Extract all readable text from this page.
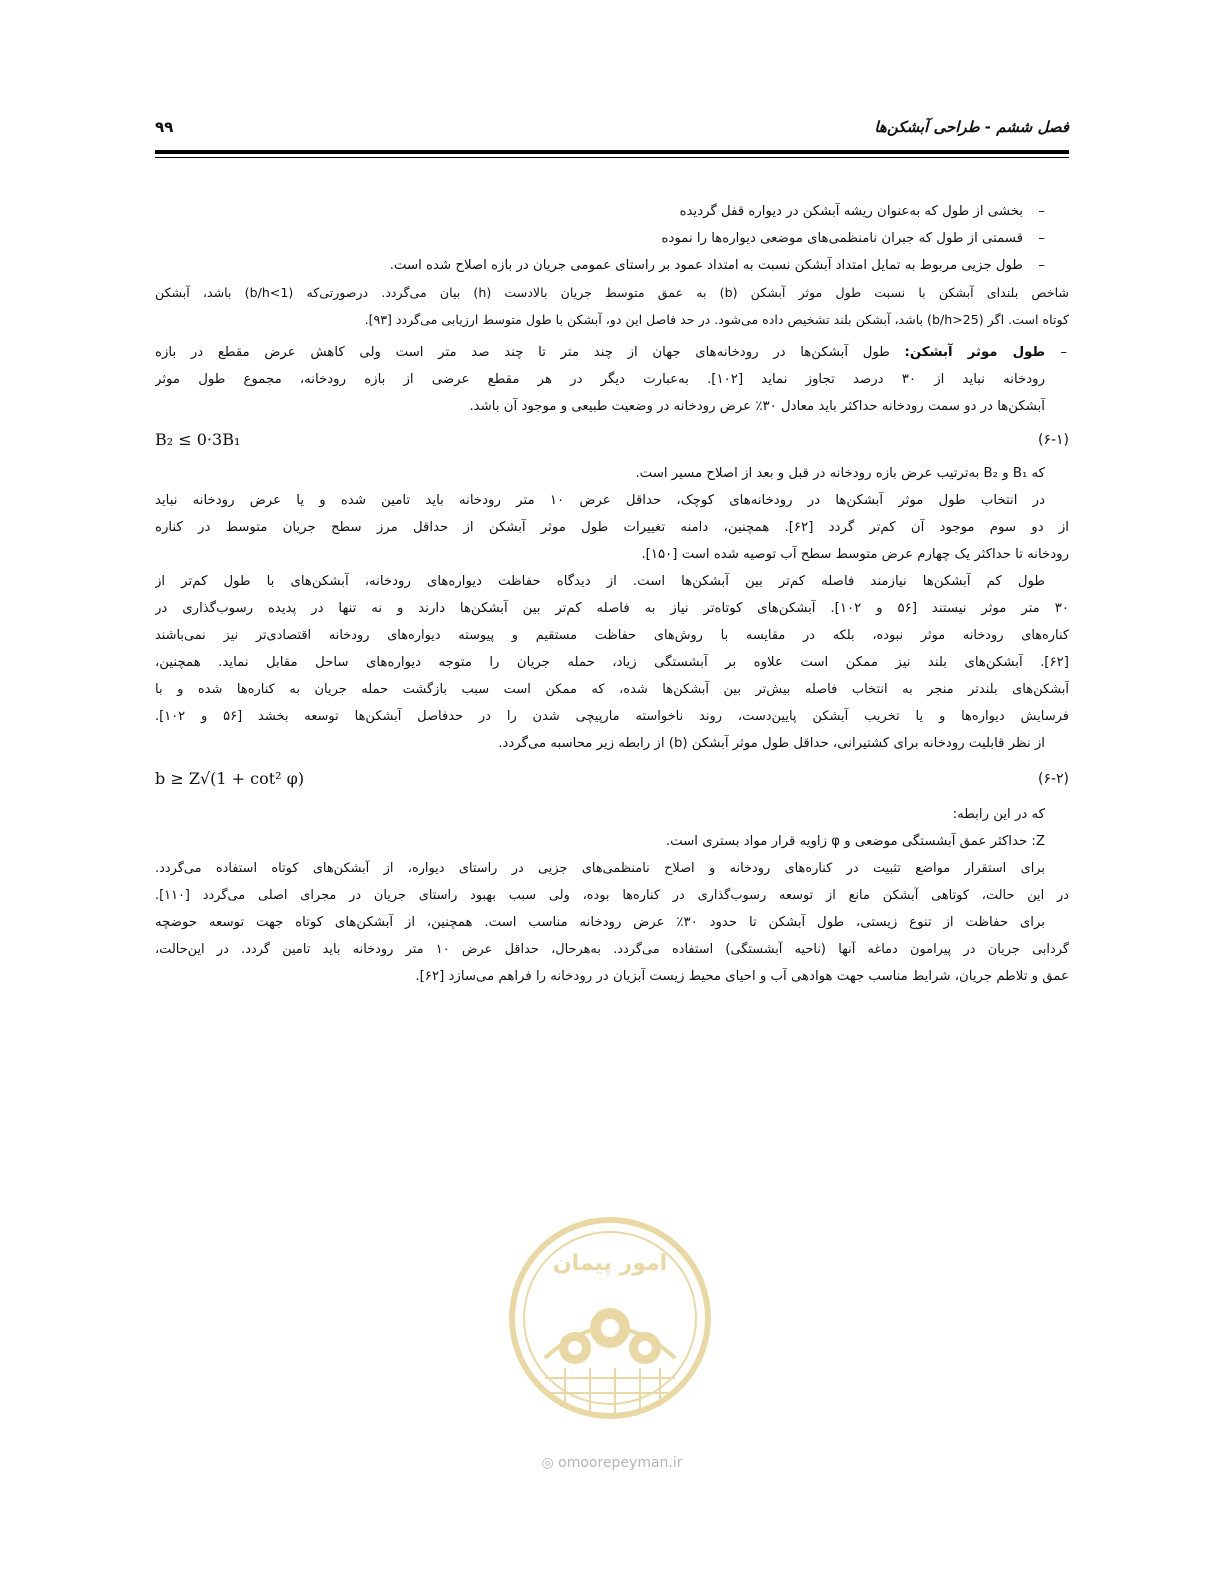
فصل ششم - طراحی آبشکن‌ها
۹۹
–
بخشی از طول که به‌عنوان ریشه آبشکن در دیواره قفل گردیده
–
قسمتی از طول که جبران نامنظمی‌های موضعی دیواره‌ها را نموده
–
طول جزیی مربوط به تمایل امتداد آبشکن نسبت به امتداد عمود بر راستای عمومی جریان در بازه اصلاح شده است.
شاخص بلندای آبشکن با نسبت طول موثر آبشکن (b) به عمق متوسط جریان بالادست (h) بیان می‌گردد. درصورتی‌که (b/h<1) باشد، آبشکن
کوتاه است. اگر (b/h>25) باشد، آبشکن بلند تشخیص داده می‌شود. در حد فاصل این دو، آبشکن با طول متوسط ارزیابی می‌گردد [۹۳].
–
طول موثر آبشکن: طول آبشکن‌ها در رودخانه‌های جهان از چند متر تا چند صد متر است ولی کاهش عرض مقطع در بازه
رودخانه نباید از ۳۰ درصد تجاوز نماید [۱۰۲]. به‌عبارت دیگر در هر مقطع عرضی از بازه رودخانه، مجموع طول موثر
آبشکن‌ها در دو سمت رودخانه حداکثر باید معادل ۳۰٪ عرض رودخانه در وضعیت طبیعی و موجود آن باشد.
B₂ ≤ 0·3B₁	(۶-۱)
که B₁ و B₂ به‌ترتیب عرض بازه رودخانه در قبل و بعد از اصلاح مسیر است.
در انتخاب طول موثر آبشکن‌ها در رودخانه‌های کوچک، حداقل عرض ۱۰ متر رودخانه باید تامین شده و یا عرض رودخانه نباید
از دو سوم موجود آن کم‌تر گردد [۶۲]. همچنین، دامنه تغییرات طول موثر آبشکن از حداقل مرز سطح جریان متوسط در کناره
رودخانه تا حداکثر یک چهارم عرض متوسط سطح آب توصیه شده است [۱۵۰].
طول کم آبشکن‌ها نیازمند فاصله کم‌تر بین آبشکن‌ها است. از دیدگاه حفاظت دیواره‌های رودخانه، آبشکن‌های با طول کم‌تر از
۳۰ متر موثر نیستند [۵۶ و ۱۰۲]. آبشکن‌های کوتاه‌تر نیاز به فاصله کم‌تر بین آبشکن‌ها دارند و نه تنها در پدیده رسوب‌گذاری در
کناره‌های رودخانه موثر نبوده، بلکه در مقایسه با روش‌های حفاظت مستقیم و پیوسته دیواره‌های رودخانه اقتصادی‌تر نیز نمی‌باشند
[۶۲]. آبشکن‌های بلند نیز ممکن است علاوه بر آبشستگی زیاد، حمله جریان را متوجه دیواره‌های ساحل مقابل نماید. همچنین،
آبشکن‌های بلندتر منجر به انتخاب فاصله بیش‌تر بین آبشکن‌ها شده، که ممکن است سبب بازگشت حمله جریان به کناره‌ها شده و با
فرسایش دیواره‌ها و یا تخریب آبشکن پایین‌دست، روند ناخواسته مارپیچی شدن را در حدفاصل آبشکن‌ها توسعه بخشد [۵۶ و ۱۰۲].
از نظر قابلیت رودخانه برای کشتیرانی، حداقل طول موثر آبشکن (b) از رابطه زیر محاسبه می‌گردد.
b ≥ Z√(1 + cot² φ)	(۶-۲)
که در این رابطه:
Z: حداکثر عمق آبشستگی موضعی و φ زاویه قرار مواد بستری است.
برای استقرار مواضع تثبیت در کناره‌های رودخانه و اصلاح نامنظمی‌های جزیی در راستای دیواره، از آبشکن‌های کوتاه استفاده می‌گردد.
در این حالت، کوتاهی آبشکن مانع از توسعه رسوب‌گذاری در کناره‌ها بوده، ولی سبب بهبود راستای جریان در مجرای اصلی می‌گردد [۱۱۰].
برای حفاظت از تنوع زیستی، طول آبشکن تا حدود ۳۰٪ عرض رودخانه مناسب است. همچنین، از آبشکن‌های کوتاه جهت توسعه حوضچه
گردابی جریان در پیرامون دماغه آنها (ناحیه آبشستگی) استفاده می‌گردد. به‌هرحال، حداقل عرض ۱۰ متر رودخانه باید تامین گردد. در این‌حالت،
عمق و تلاطم جریان، شرایط مناسب جهت هوادهی آب و احیای محیط زیست آبزیان در رودخانه را فراهم می‌سازد [۶۲].
امور پیمان
◎ omoorepeyman.ir
